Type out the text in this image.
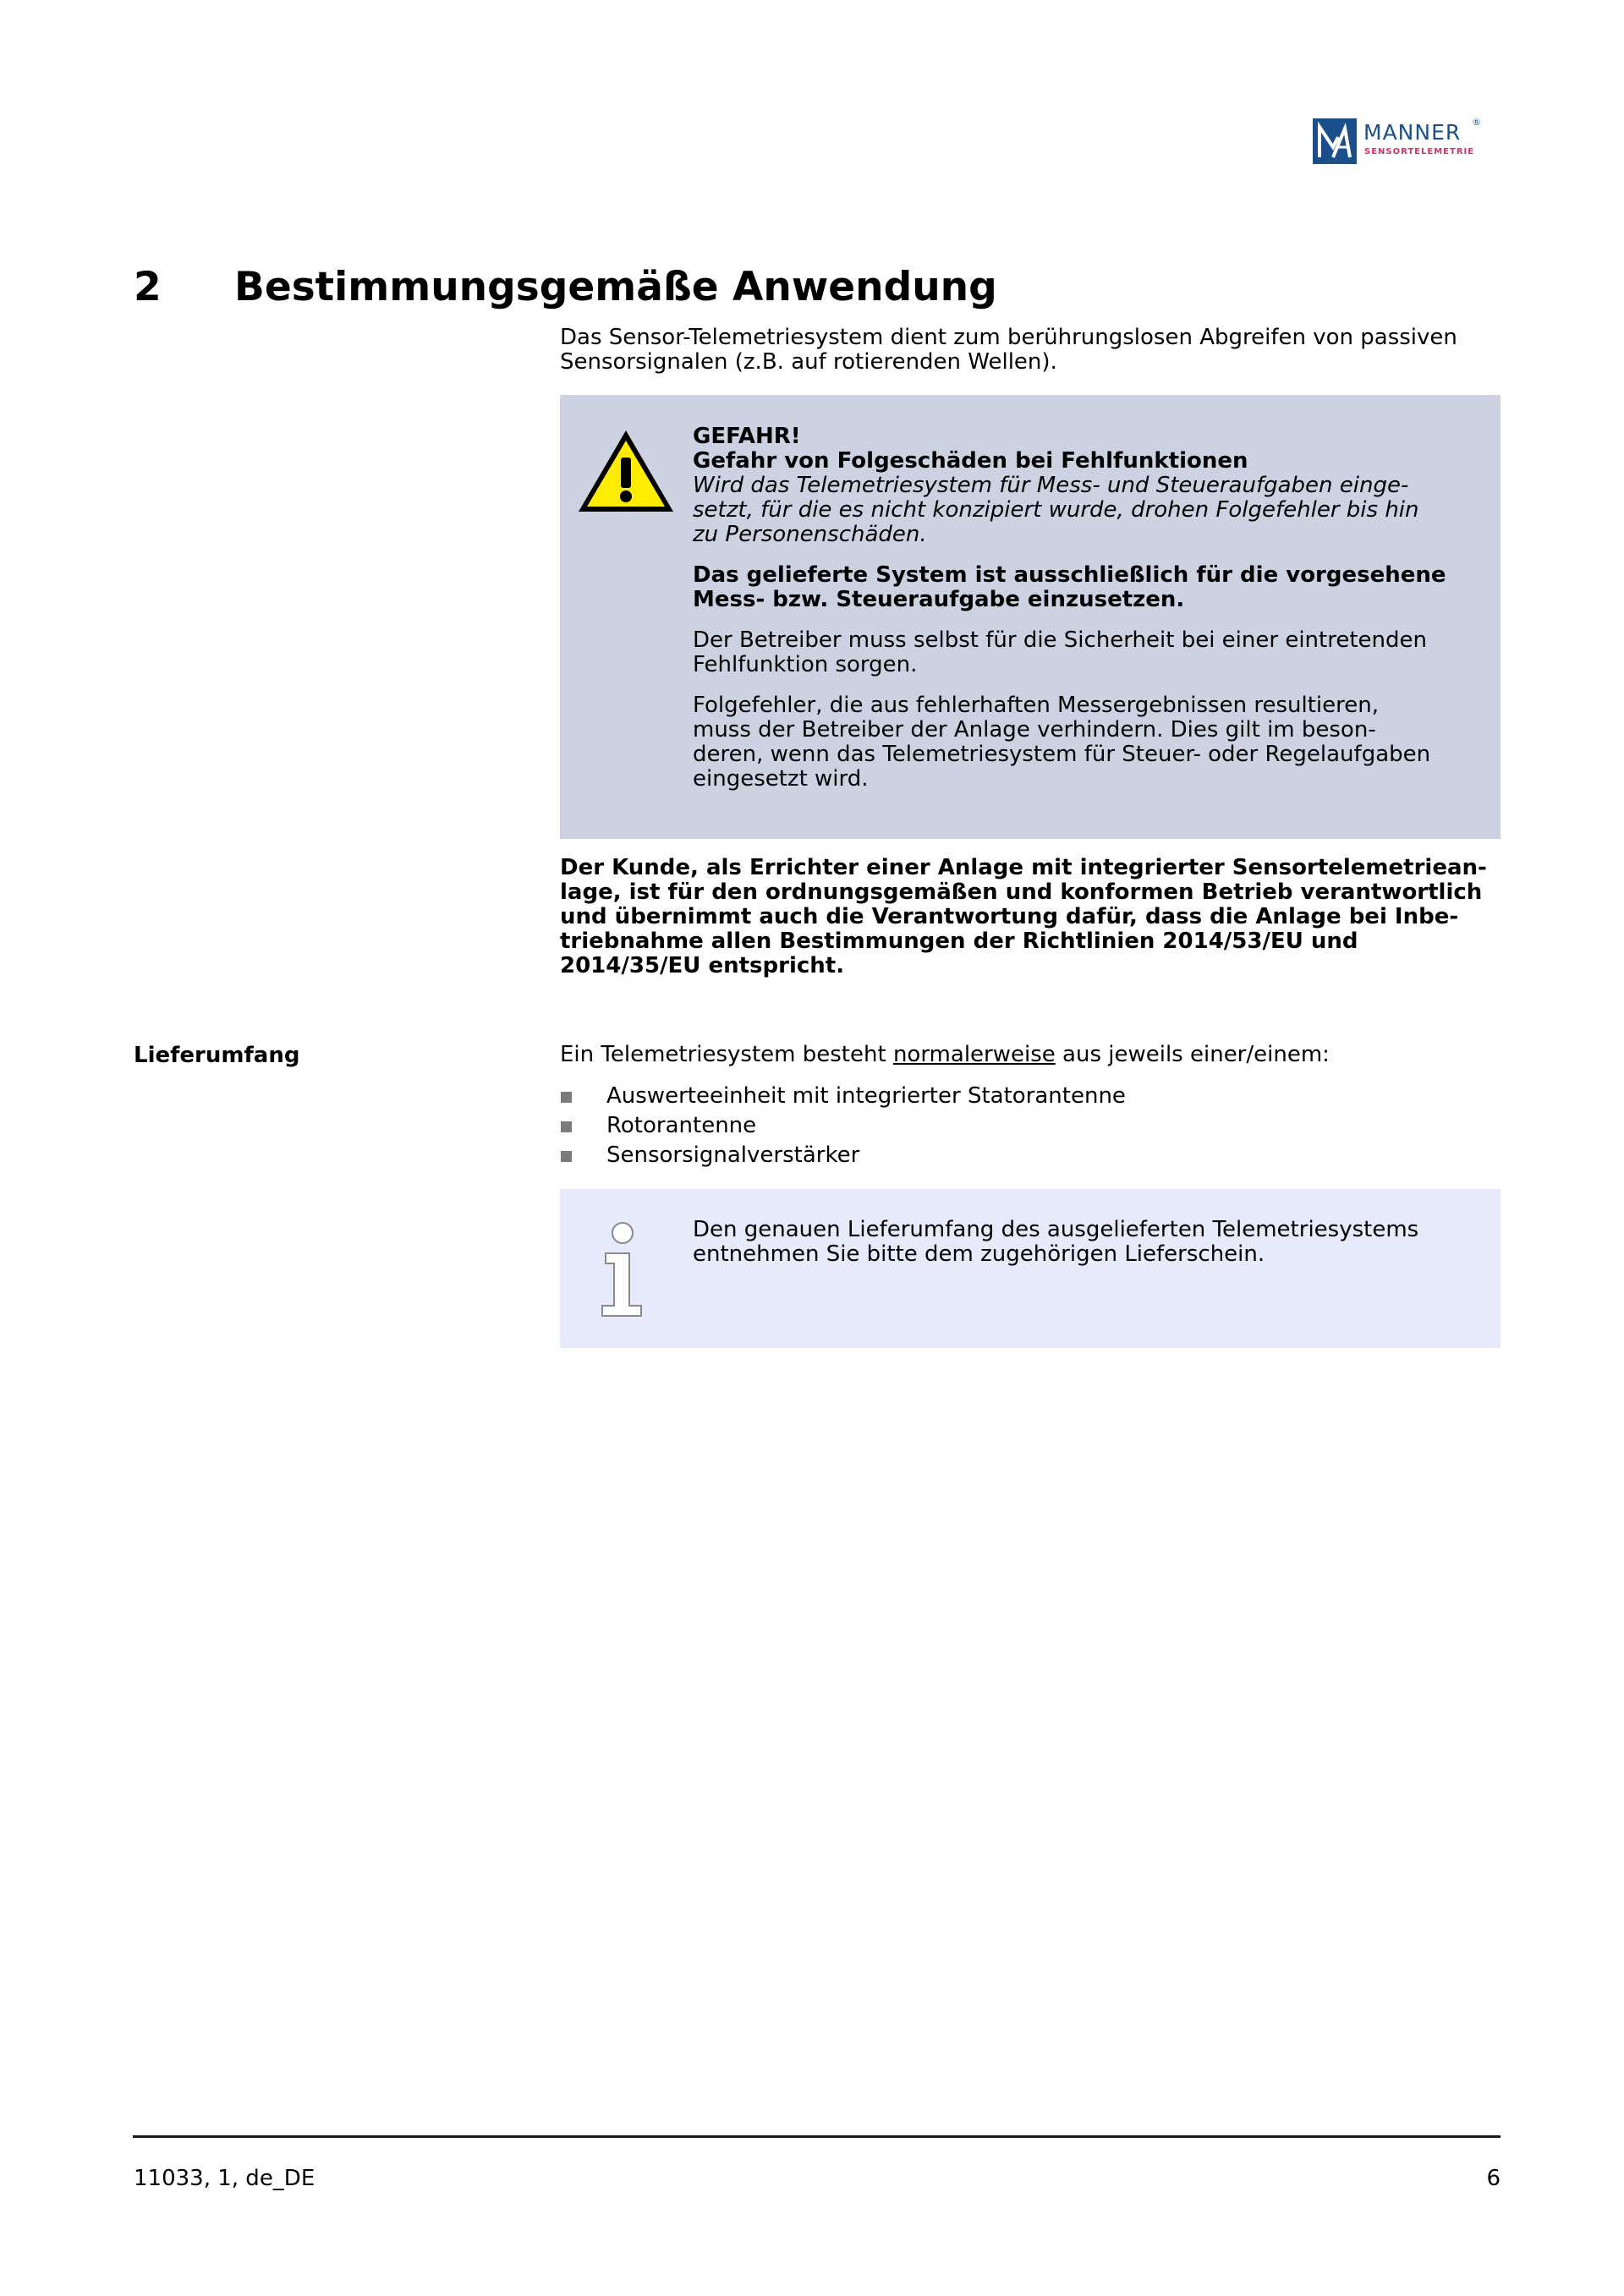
MANNER ®
SENSORTELEMETRIE
2 Bestimmungsgemäße Anwendung
Das Sensor-Telemetriesystem dient zum berührungslosen Abgreifen von passiven Sensorsignalen (z.B. auf rotierenden Wellen).

GEFAHR!

Gefahr von Folgeschäden bei Fehlfunktionen

Wird das Telemetriesystem für Mess- und Steueraufgaben einge-
setzt, für die es nicht konzipiert wurde, drohen Folgefehler bis hin
zu Personenschäden.

Das gelieferte System ist ausschließlich für die vorgesehene
Mess- bzw. Steueraufgabe einzusetzen.

Der Betreiber muss selbst für die Sicherheit bei einer eintretenden
Fehlfunktion sorgen.

Folgefehler, die aus fehlerhaften Messergebnissen resultieren,
muss der Betreiber der Anlage verhindern. Dies gilt im beson-
deren, wenn das Telemetriesystem für Steuer- oder Regelaufgaben
eingesetzt wird.

Der Kunde, als Errichter einer Anlage mit integrierter Sensortelemetriean-
lage, ist für den ordnungsgemäßen und konformen Betrieb verantwortlich
und übernimmt auch die Verantwortung dafür, dass die Anlage bei Inbe-
triebnahme allen Bestimmungen der Richtlinien 2014/53/EU und
2014/35/EU entspricht.
Lieferumfang	Ein Telemetriesystem besteht normalerweise aus jeweils einer/einem:
Auswerteeinheit mit integrierter Statorantenne
Rotorantenne
Sensorsignalverstärker
Den genauen Lieferumfang des ausgelieferten Telemetriesystems
entnehmen Sie bitte dem zugehörigen Lieferschein.
11033, 1, de_DE	6
